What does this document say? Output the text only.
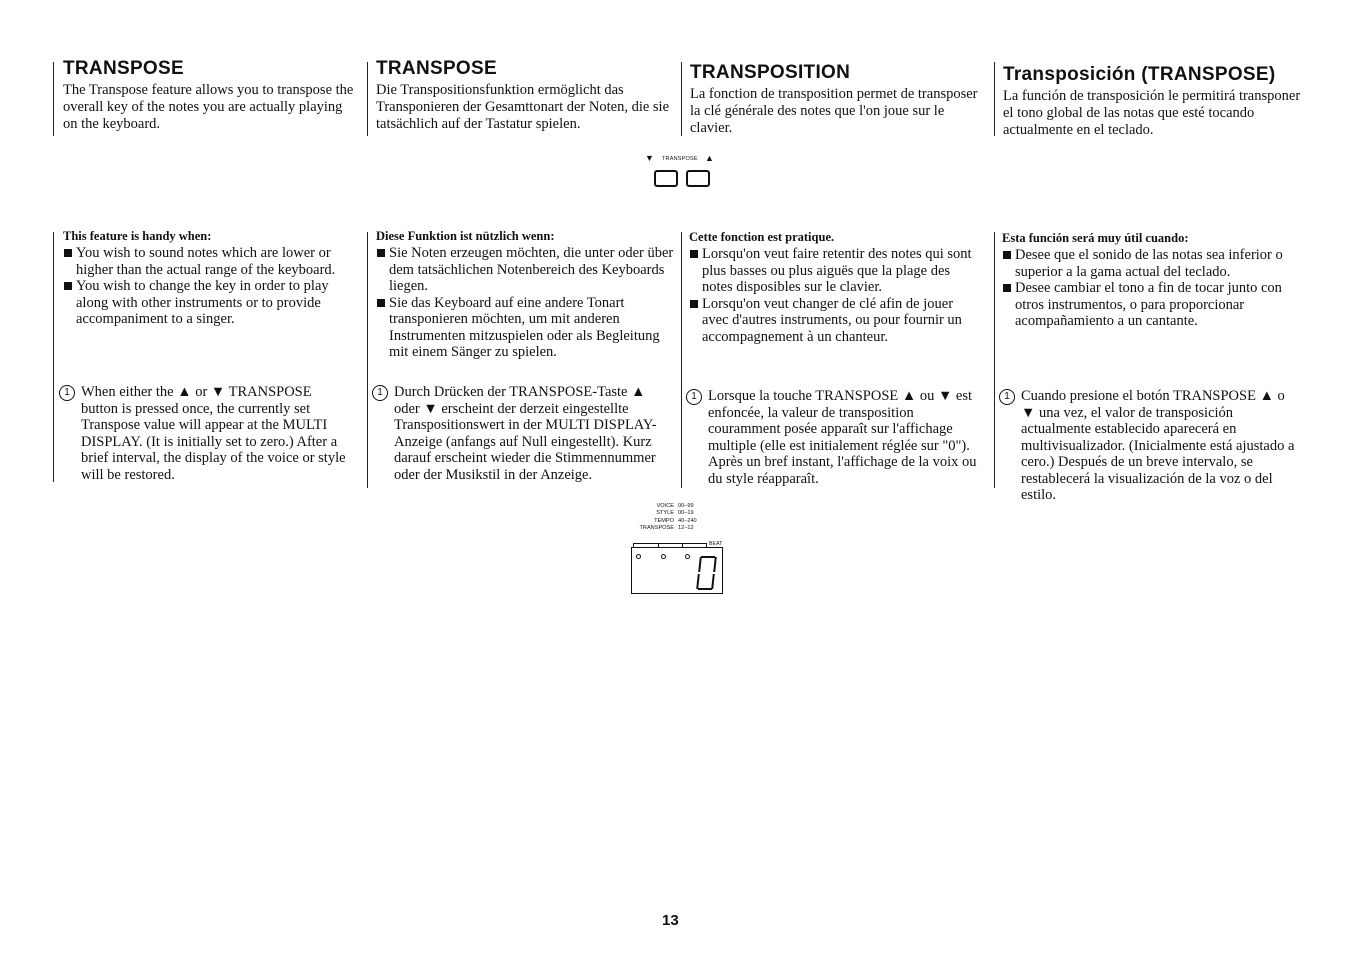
TRANSPOSE

The Transpose feature allows you to transpose the overall key of the notes you are actually playing on the keyboard.

This feature is handy when:

You wish to sound notes which are lower or higher than the actual range of the keyboard.
You wish to change the key in order to play along with other instruments or to provide accompaniment to a singer.

1 When either the ▲ or ▼ TRANSPOSE button is pressed once, the currently set Transpose value will appear at the MULTI DISPLAY. (It is initially set to zero.) After a brief interval, the display of the voice or style will be restored.

TRANSPOSE

Die Transpositionsfunktion ermöglicht das Transponieren der Gesamttonart der Noten, die sie tatsächlich auf der Tastatur spielen.

Diese Funktion ist nützlich wenn:

Sie Noten erzeugen möchten, die unter oder über dem tatsächlichen Notenbereich des Keyboards liegen.
Sie das Keyboard auf eine andere Tonart transponieren möchten, um mit anderen Instrumenten mitzuspielen oder als Begleitung mit einem Sänger zu spielen.

1 Durch Drücken der TRANSPOSE-Taste ▲ oder ▼ erscheint der derzeit eingestellte Transpositionswert in der MULTI DISPLAY-Anzeige (anfangs auf Null eingestellt). Kurz darauf erscheint wieder die Stimmennummer oder der Musikstil in der Anzeige.

TRANSPOSITION

La fonction de transposition permet de transposer la clé générale des notes que l'on joue sur le clavier.

Cette fonction est pratique.

Lorsqu'on veut faire retentir des notes qui sont plus basses ou plus aiguës que la plage des notes disposibles sur le clavier.
Lorsqu'on veut changer de clé afin de jouer avec d'autres instruments, ou pour fournir un accompagnement à un chanteur.

1 Lorsque la touche TRANSPOSE ▲ ou ▼ est enfoncée, la valeur de transposition couramment posée apparaît sur l'affichage multiple (elle est initialement réglée sur "0"). Après un bref instant, l'affichage de la voix ou du style réapparaît.

Transposición (TRANSPOSE)

La función de transposición le permitirá transponer el tono global de las notas que esté tocando actualmente en el teclado.

Esta función será muy útil cuando:

Desee que el sonido de las notas sea inferior o superior a la gama actual del teclado.
Desee cambiar el tono a fin de tocar junto con otros instrumentos, o para proporcionar acompañamiento a un cantante.

1 Cuando presione el botón TRANSPOSE ▲ o ▼ una vez, el valor de transposición actualmente establecido aparecerá en multivisualizador. (Inicialmente está ajustado a cero.) Después de un breve intervalo, se restablecerá la visualización de la voz o del estilo.

▼ TRANSPOSE ▲
VOICE 00–99
STYLE 00–19
TEMPO 40–240
TRANSPOSE 12–12
BEAT
13
